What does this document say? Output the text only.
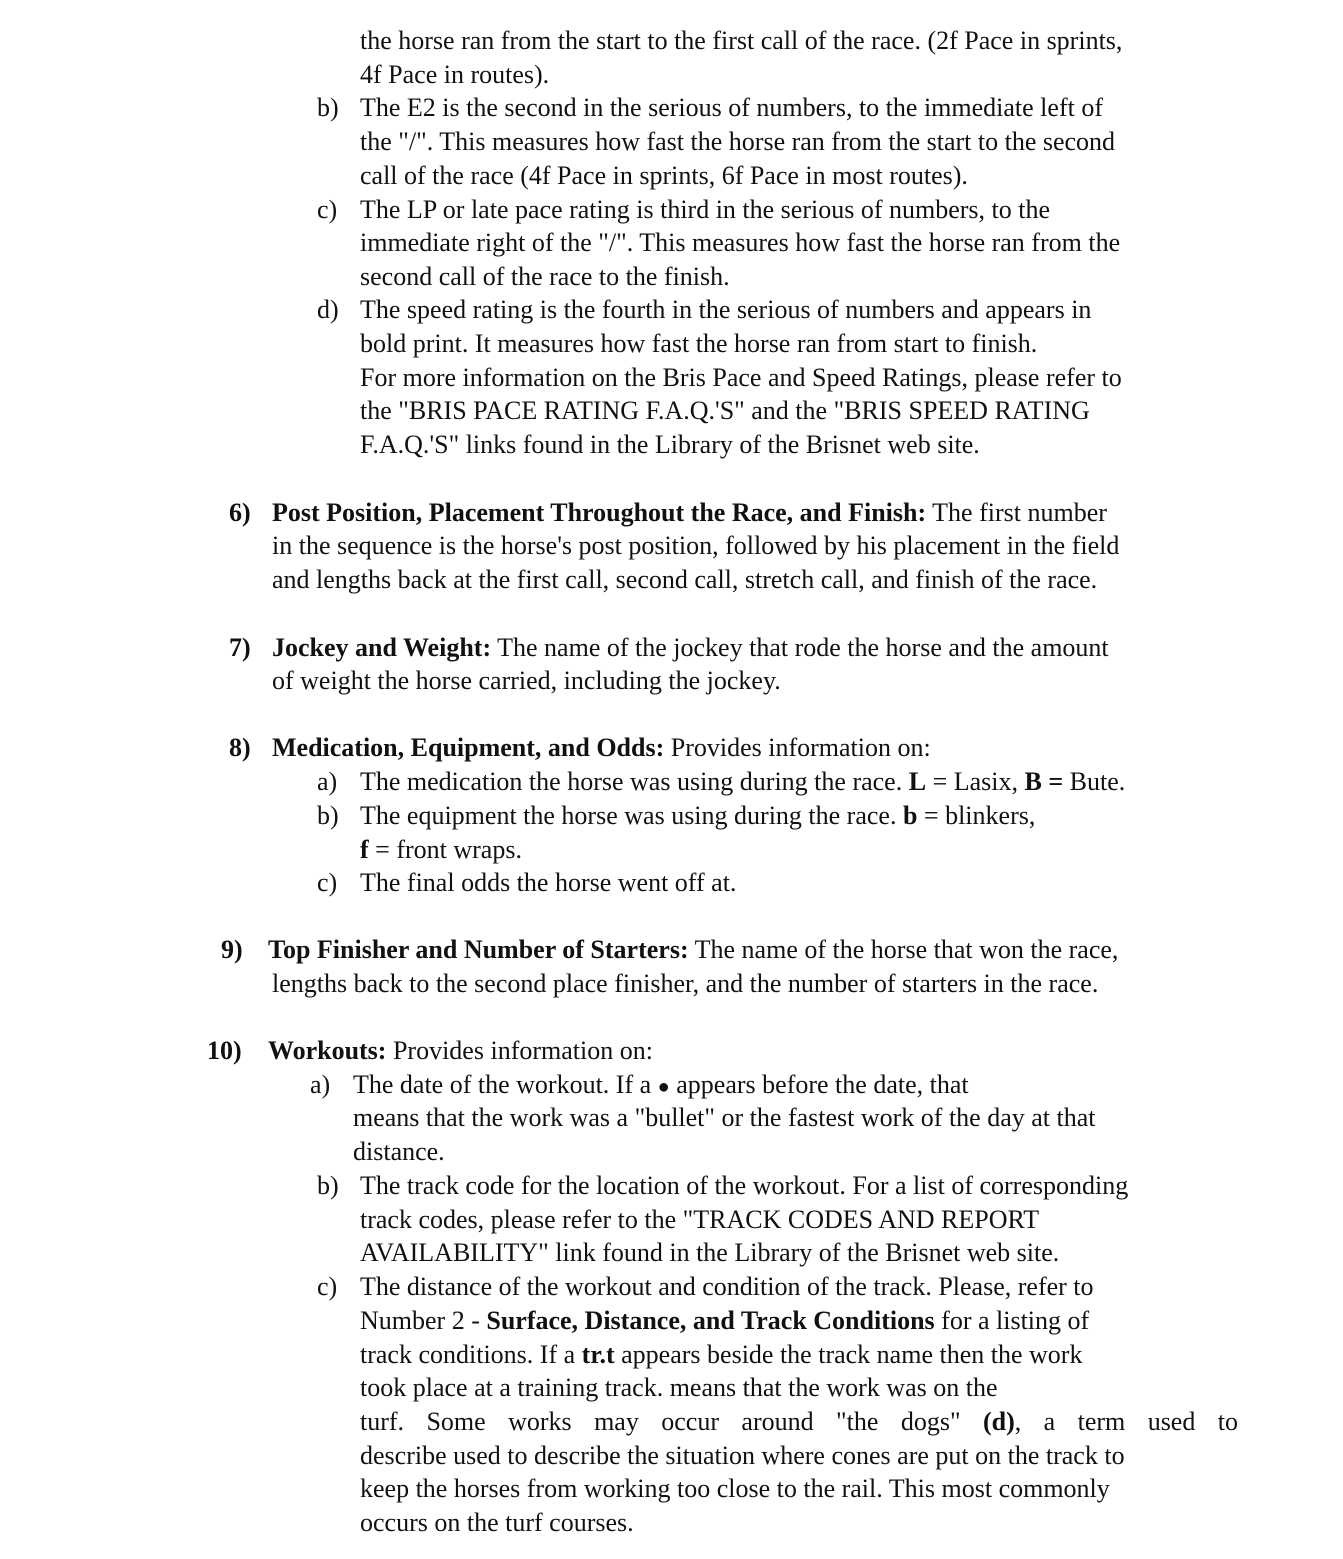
the horse ran from the start to the first call of the race. (2f Pace in sprints,
4f Pace in routes).
b) The E2 is the second in the serious of numbers, to the immediate left of
the "/". This measures how fast the horse ran from the start to the second
call of the race (4f Pace in sprints, 6f Pace in most routes).
c) The LP or late pace rating is third in the serious of numbers, to the
immediate right of the "/". This measures how fast the horse ran from the
second call of the race to the finish.
d) The speed rating is the fourth in the serious of numbers and appears in
bold print. It measures how fast the horse ran from start to finish.
For more information on the Bris Pace and Speed Ratings, please refer to
the "BRIS PACE RATING F.A.Q.'S" and the "BRIS SPEED RATING
F.A.Q.'S" links found in the Library of the Brisnet web site.
6) Post Position, Placement Throughout the Race, and Finish: The first number
in the sequence is the horse's post position, followed by his placement in the field
and lengths back at the first call, second call, stretch call, and finish of the race.
7) Jockey and Weight: The name of the jockey that rode the horse and the amount
of weight the horse carried, including the jockey.
8) Medication, Equipment, and Odds: Provides information on:
a) The medication the horse was using during the race. L = Lasix, B = Bute.
b) The equipment the horse was using during the race. b = blinkers,
f = front wraps.
c) The final odds the horse went off at.
9) Top Finisher and Number of Starters: The name of the horse that won the race,
lengths back to the second place finisher, and the number of starters in the race.
10) Workouts: Provides information on:
a) The date of the workout. If a ● appears before the date, that
means that the work was a "bullet" or the fastest work of the day at that
distance.
b) The track code for the location of the workout. For a list of corresponding
track codes, please refer to the "TRACK CODES AND REPORT
AVAILABILITY" link found in the Library of the Brisnet web site.
c) The distance of the workout and condition of the track. Please, refer to
Number 2 - Surface, Distance, and Track Conditions for a listing of
track conditions. If a tr.t appears beside the track name then the work
took place at a training track. means that the work was on the
turf. Some works may occur around "the dogs" (d), a term used to
describe used to describe the situation where cones are put on the track to
keep the horses from working too close to the rail. This most commonly
occurs on the turf courses.
